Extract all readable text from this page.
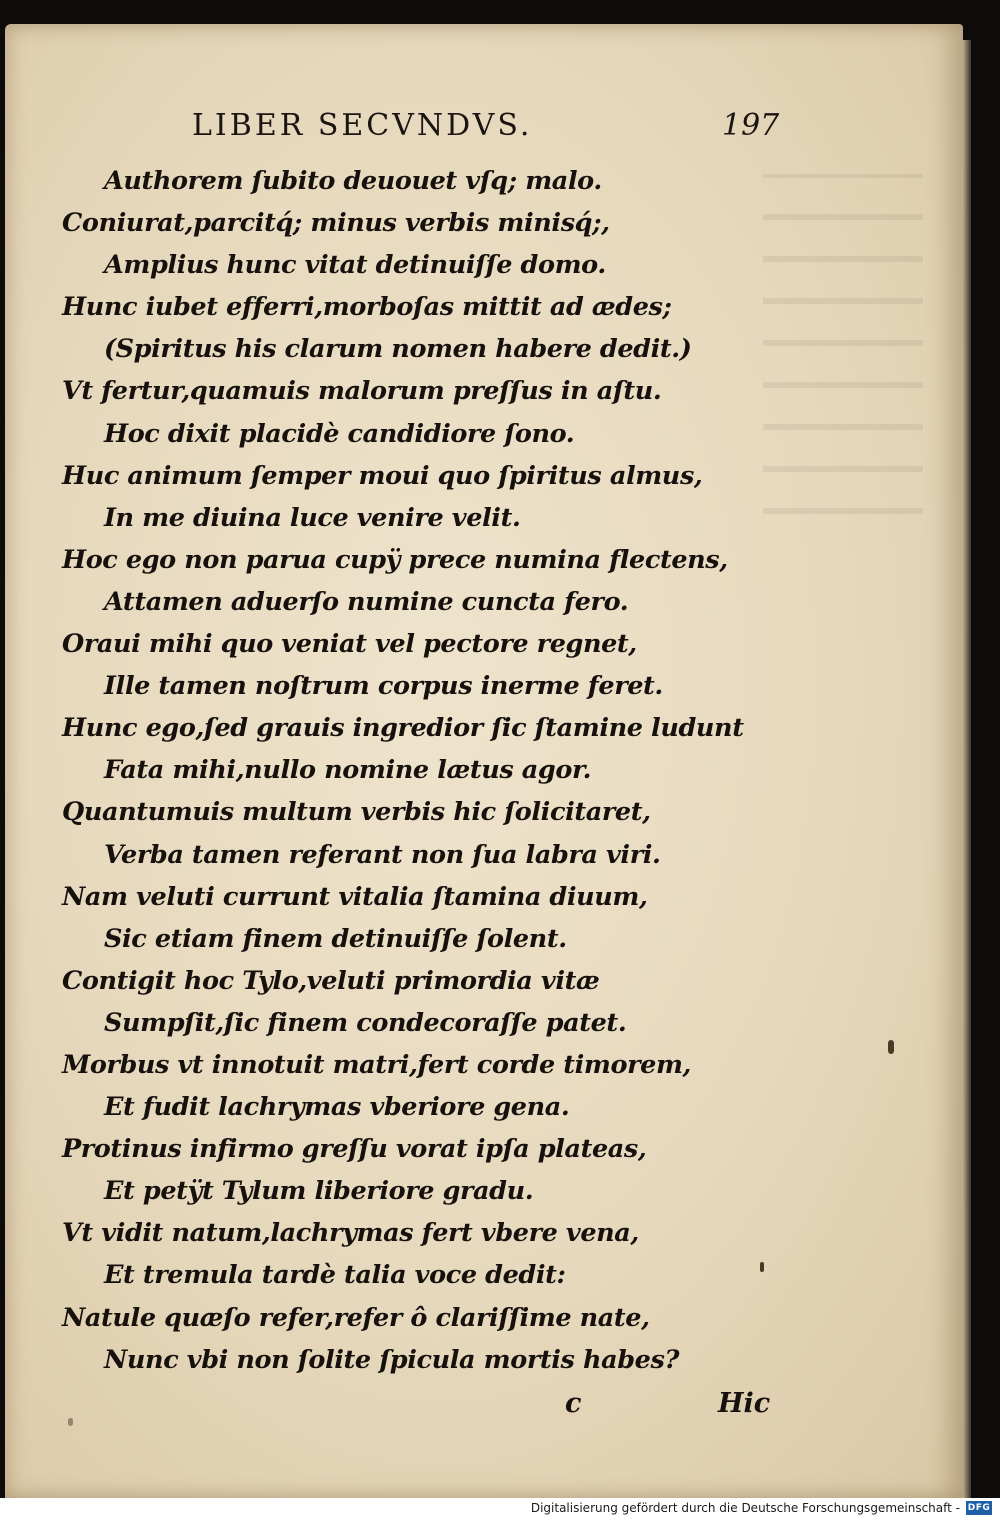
LIBER SECVNDVS.	197
Authorem ſubito deuouet vſq; malo.
Coniurat,parcitq́; minus verbis minisq́;,
Amplius hunc vitat detinuiſſe domo.
Hunc iubet efferri,morboſas mittit ad ædes;
(Spiritus his clarum nomen habere dedit.)
Vt fertur,quamuis malorum preſſus in aſtu.
Hoc dixit placidè candidiore ſono.
Huc animum ſemper moui quo ſpiritus almus,
In me diuina luce venire velit.
Hoc ego non parua cupÿ prece numina flectens,
Attamen aduerſo numine cuncta fero.
Oraui mihi quo veniat vel pectore regnet,
Ille tamen noſtrum corpus inerme feret.
Hunc ego,ſed grauis ingredior ſic ſtamine ludunt
Fata mihi,nullo nomine lætus agor.
Quantumuis multum verbis hic ſolicitaret,
Verba tamen referant non ſua labra viri.
Nam veluti currunt vitalia ſtamina diuum,
Sic etiam finem detinuiſſe ſolent.
Contigit hoc Tylo,veluti primordia vitæ
Sumpſit,ſic finem condecoraſſe patet.
Morbus vt innotuit matri,fert corde timorem,
Et fudit lachrymas vberiore gena.
Protinus infirmo greſſu vorat ipſa plateas,
Et petÿt Tylum liberiore gradu.
Vt vidit natum,lachrymas fert vbere vena,
Et tremula tardè talia voce dedit:
Natule quæſo refer,refer ô clariſſime nate,
Nunc vbi non ſolite ſpicula mortis habes?
c	Hic
Digitalisierung gefördert durch die Deutsche Forschungsgemeinschaft - DFG
